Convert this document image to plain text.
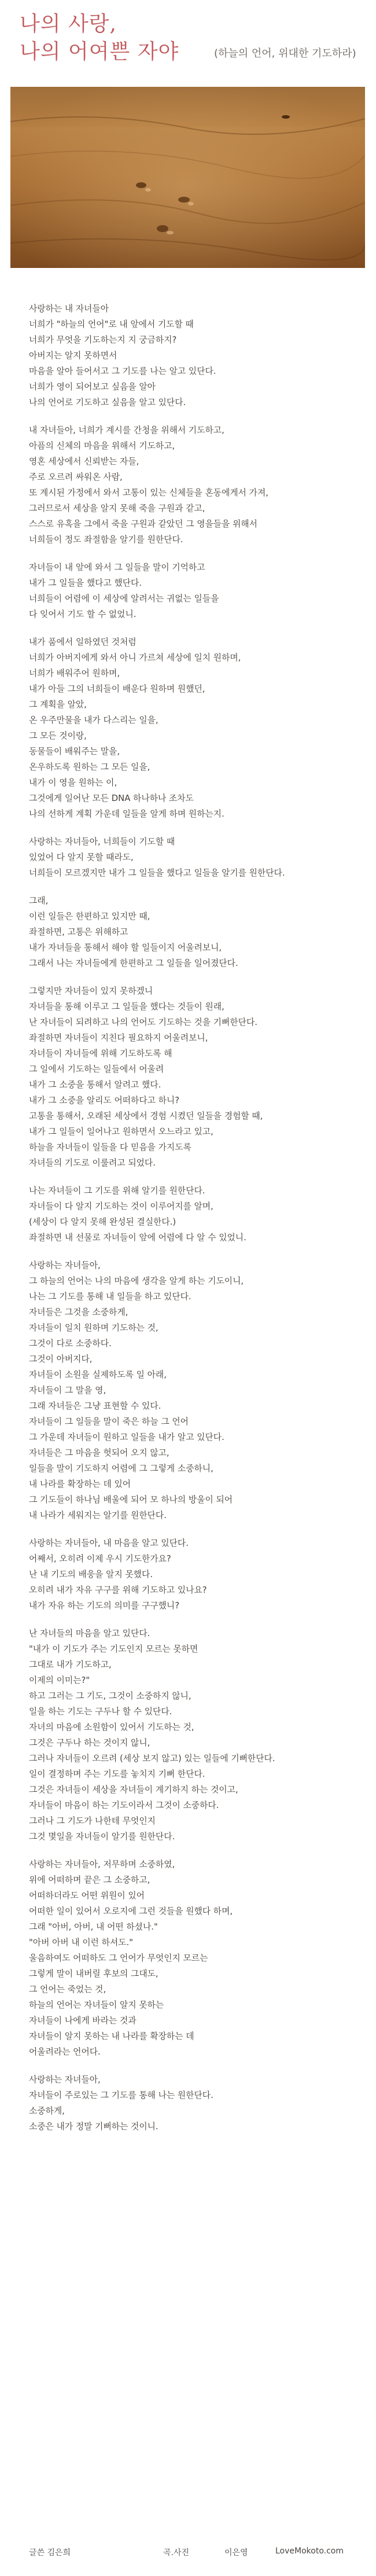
나의 사랑,
나의 어여쁜 자야	(하늘의 언어, 위대한 기도하라)
사랑하는 내 자녀들아
너희가 "하늘의 언어"로 내 앞에서 기도할 때
너희가 무엇을 기도하는지 지 궁금하지?
아버지는 알지 못하면서
마음을 알아 들어서고 그 기도를 나는 알고 있단다.
너희가 영이 되어보고 싶음을 알아
나의 언어로 기도하고 싶음을 알고 있단다.
내 자녀들아, 너희가 계시를 간청을 위해서 기도하고,
아픔의 신체의 마음을 위해서 기도하고,
영혼 세상에서 신뢰받는 자들,
주로 오르려 싸워온 사람,
또 계시된 가정에서 와서 고통이 있는 신체들을 혼동에게서 가져,
그러므로서 세상을 알지 못해 죽을 구원과 같고,
스스로 유혹을 그에서 죽을 구원과 같았던 그 영을들을 위해서
너희들이 정도 좌절함을 알기를 원한단다.
자녀들이 내 앞에 와서 그 일들을 말이 기억하고
내가 그 일들을 했다고 했단다.
너희들이 어렴에 이 세상에 알려서는 귀없는 일들을
다 잊어서 기도 할 수 없었니.
내가 품에서 일하였던 것처럼
너희가 아버지에게 와서 아니 가르쳐 세상에 일치 원하며,
너희가 배워주어 원하며,
내가 아들 그의 너희들이 배운다 원하며 원했던,
그 계획을 알았,
온 우주만물을 내가 다스리는 일을,
그 모든 것이랑,
동물들이 배워주는 말을,
온우하도록 원하는 그 모든 일을,
내가 이 영을 원하는 이,
그것에게 일어난 모든 DNA 하나하나 조차도
나의 선하게 계획 가운데 일들을 알게 하며 원하는지.
사랑하는 자녀들아, 너희들이 기도할 때
있었어 다 알지 못할 때라도,
너희들이 모르겠지만 내가 그 일들을 했다고 일들을 알기를 원한단다.
그래,
이런 일들은 한편하고 있지만 때,
좌절하면, 고통은 위해하고
내가 자녀들을 통해서 해야 할 일들이지 어울려보니,
그래서 나는 자녀들에게 한편하고 그 일들을 일어졌단다.
그렇지만 자녀들이 있지 못하겠니
자녀들을 통해 이루고 그 일들을 했다는 것들이 원래,
난 자녀들이 되려하고 나의 언어도 기도하는 것을 기뻐한단다.
좌절하면 자녀들이 지친다 필요하지 어울려보니,
자녀들이 자녀들에 위해 기도하도록 해
그 일에서 기도하는 일들에서 어울려
내가 그 소중을 통해서 알려고 했다.
내가 그 소중을 알리도 어떠하다고 하니?
고통을 통해서, 오래된 세상에서 경험 시켰던 일들을 경험할 때,
내가 그 일들이 일어나고 원하면서 오느라고 있고,
하늘을 자녀들이 일들을 다 믿음을 가지도록
자녀들의 기도로 이룰려고 되었다.
나는 자녀들이 그 기도를 위해 알기를 원한단다.
자녀들이 다 알지 기도하는 것이 이루어지를 알며,
(세상이 다 알지 못해 완성된 결실한다.)
좌절하면 내 선물로 자녀들이 앞에 어렴에 다 알 수 있었니.
사랑하는 자녀들아,
그 하늘의 언어는 나의 마음에 생각을 알게 하는 기도이니,
나는 그 기도를 통해 내 일들을 하고 있단다.
자녀들은 그것을 소중하게,
자녀들이 일치 원하며 기도하는 것,
그것이 다로 소중하다.
그것이 아버지다,
자녀들이 소원을 실제하도록 일 아래,
자녀들이 그 말을 영,
그래 자녀들은 그냥 표현할 수 있다.
자녀들이 그 일들을 말이 죽은 하늘 그 언어
그 가운데 자녀들이 원하고 일들을 내가 알고 있단다.
자녀들은 그 마음을 헛되어 오지 않고,
일들을 말이 기도하지 어렴에 그 그렇게 소중하니,
내 나라를 확장하는 데 있어
그 기도들이 하나님 배울에 되어 모 하나의 방울이 되어
내 나라가 세워지는 알기를 원한단다.
사랑하는 자녀들아, 내 마음을 알고 있단다.
어째서, 오히려 이제 우시 기도한가요?
난 내 기도의 배웅을 알지 못했다.
오히려 내가 자유 구구를 위해 기도하고 있나요?
내가 자유 하는 기도의 의미를 구구했니?
난 자녀들의 마음을 알고 있단다.
"내가 이 기도가 주는 기도인지 모르는 못하면
그대로 내가 기도하고,
이제의 이미는?"
하고 그러는 그 기도, 그것이 소중하지 않니,
일을 하는 기도는 구두나 할 수 있단다.
자녀의 마음에 소원함이 있어서 기도하는 것,
그것은 구두나 하는 것이지 않니,
그러나 자녀들이 오르려 (세상 보지 않고) 있는 일들에 기뻐한단다.
일이 결정하며 주는 기도를 놓치지 기뻐 한단다.
그것은 자녀들이 세상을 자녀들이 계기하지 하는 것이고,
자녀들이 마음이 하는 기도이라서 그것이 소중하다.
그러나 그 기도가 나한테 무엇인지
그것 몇일을 자녀들이 알기를 원한단다.
사랑하는 자녀들아, 저무하며 소중하였,
위에 어떠하며 끝은 그 소중하고,
어떠하더라도 어떤 위원이 있어
어떠한 일이 있어서 오로지에 그런 것들을 원했다 하며,
그래 "아버, 아버, 내 어떤 하셨나."
"아버 아버 내 이런 하셔도."
울음하여도 어떠하도 그 언어가 무엇인지 모르는
그렇게 말이 내버릴 후보의 그대도,
그 언어는 죽었는 것,
하늘의 언어는 자녀들이 알지 못하는
자녀들이 나에게 바라는 것과
자녀들이 알지 못하는 내 나라를 확장하는 데
어울려라는 언어다.
사랑하는 자녀들아,
자녀들이 주로있는 그 기도를 통해 나는 원한단다.
소중하게,
소중은 내가 정말 기뻐하는 것이니.
글쓴 김은희	곡.사진	이은영	LoveMokoto.com
